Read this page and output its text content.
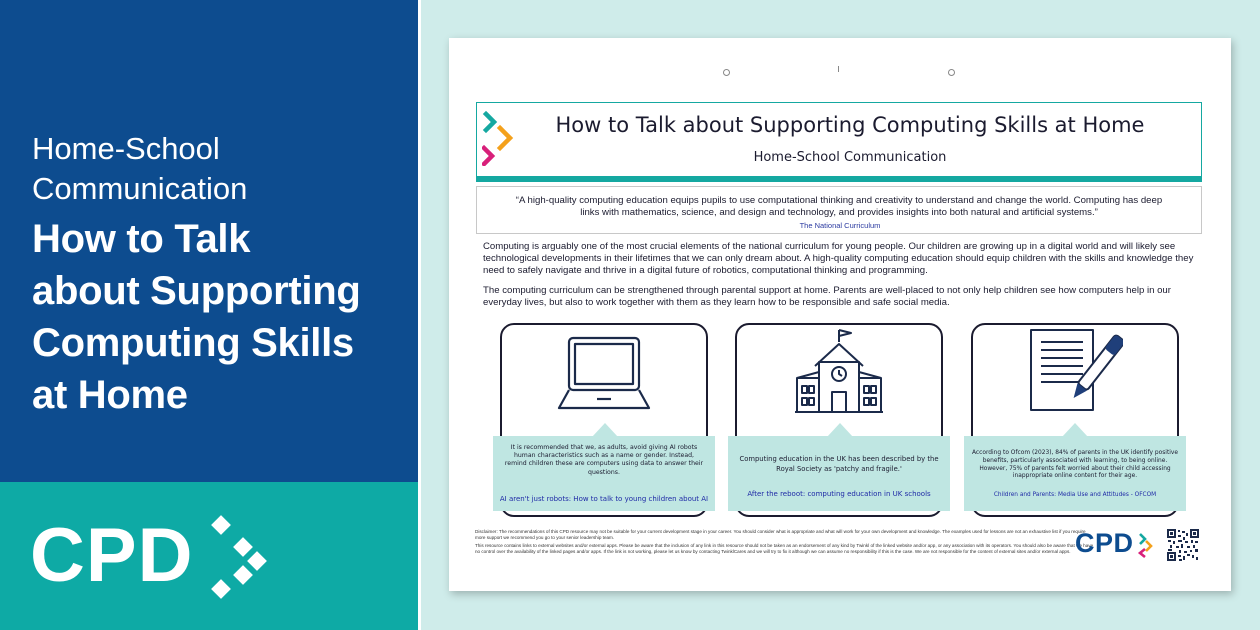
Home-School
Communication
How to Talk
about Supporting
Computing Skills
at Home
CPD
How to Talk about Supporting Computing Skills at Home
Home-School Communication
“A high-quality computing education equips pupils to use computational thinking and creativity to understand and change the world. Computing has deep links with mathematics, science, and design and technology, and provides insights into both natural and artificial systems.”
The National Curriculum
Computing is arguably one of the most crucial elements of the national curriculum for young people. Our children are growing up in a digital world and will likely see technological developments in their lifetimes that we can only dream about. A high-quality computing education should equip children with the skills and knowledge they need to safely navigate and thrive in a digital future of robotics, computational thinking and programming.
The computing curriculum can be strengthened through parental support at home. Parents are well-placed to not only help children see how computers help in our everyday lives, but also to work together with them as they learn how to be responsible and safe social media.
It is recommended that we, as adults, avoid giving AI robots human characteristics such as a name or gender. Instead, remind children these are computers using data to answer their questions.
AI aren't just robots: How to talk to young children about AI
Computing education in the UK has been described by the Royal Society as 'patchy and fragile.'
After the reboot: computing education in UK schools
According to Ofcom (2023), 84% of parents in the UK identify positive benefits, particularly associated with learning, to being online. However, 75% of parents felt worried about their child accessing inappropriate online content for their age.
Children and Parents: Media Use and Attitudes - OFCOM
Disclaimer: The recommendations of this CPD resource may not be suitable for your current development stage in your career. You should consider what is appropriate and what will work for your own development and knowledge. The examples used for lessons are not an exhaustive list if you require more support we recommend you go to your senior leadership team.
This resource contains links to external websites and/or external apps. Please be aware that the inclusion of any link in this resource should not be taken as an endorsement of any kind by Twinkl of the linked website and/or app, or any association with its operators. You should also be aware that we have no control over the availability of the linked pages and/or apps. If the link is not working, please let us know by contacting TwinklCares and we will try to fix it although we can assume no responsibility if this is the case. We are not responsible for the content of external sites and/or external apps. CPD
